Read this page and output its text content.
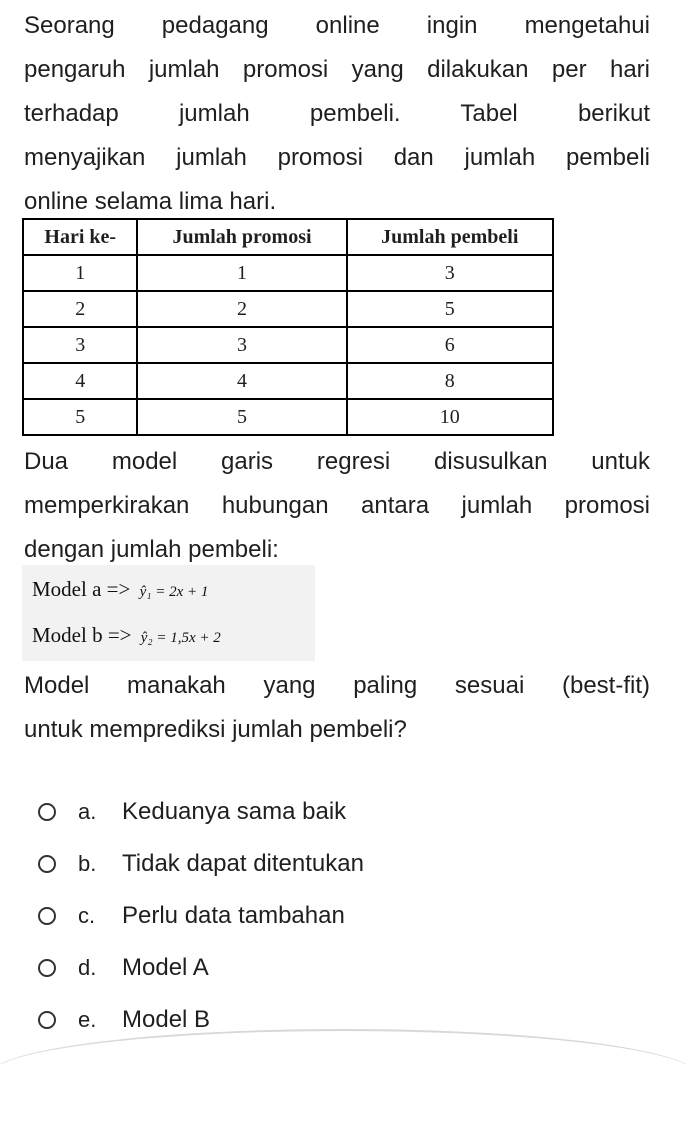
Seorang pedagang online ingin mengetahui
pengaruh jumlah promosi yang dilakukan per hari
terhadap jumlah pembeli. Tabel berikut
menyajikan jumlah promosi dan jumlah pembeli
online selama lima hari.
Hari ke-	Jumlah promosi	Jumlah pembeli
1	1	3
2	2	5
3	3	6
4	4	8
5	5	10
Dua model garis regresi disusulkan untuk
memperkirakan hubungan antara jumlah promosi
dengan jumlah pembeli:
Model a => ŷ₁ = 2x + 1
Model b => ŷ₂ = 1,5x + 2
Model manakah yang paling sesuai (best-fit)
untuk memprediksi jumlah pembeli?
a.	Keduanya sama baik
b.	Tidak dapat ditentukan
c.	Perlu data tambahan
d.	Model A
e.	Model B
